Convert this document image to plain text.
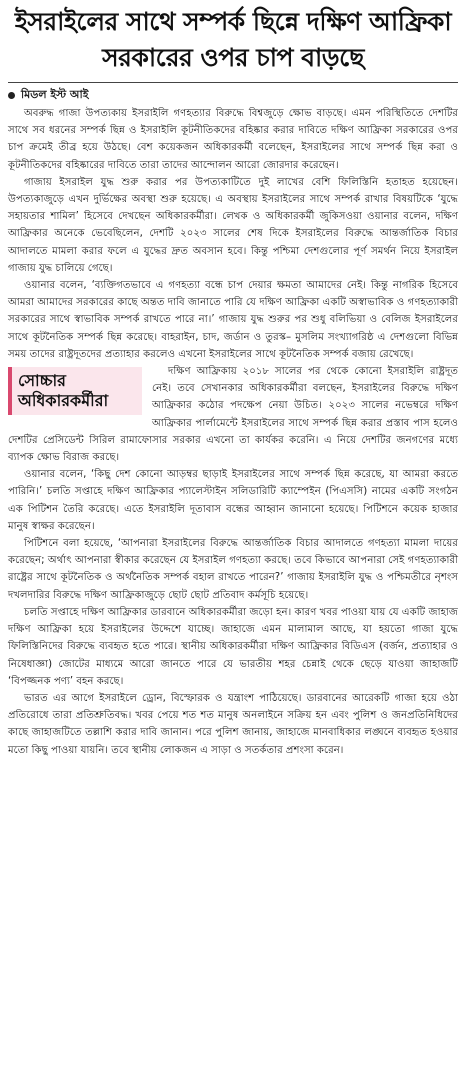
ইসরাইলের সাথে সম্পর্ক ছিন্নে দক্ষিণ আফ্রিকা সরকারের ওপর চাপ বাড়ছে
মিডল ইস্ট আই

অবরুদ্ধ গাজা উপত্যকায় ইসরাইলি গণহত্যার বিরুদ্ধে বিশ্বজুড়ে ক্ষোভ বাড়ছে। এমন পরিস্থিতিতে দেশটির সাথে সব ধরনের সম্পর্ক ছিন্ন ও ইসরাইলি কূটনীতিকদের বহিষ্কার করার দাবিতে দক্ষিণ আফ্রিকা সরকারের ওপর চাপ ক্রমেই তীব্র হয়ে উঠছে। বেশ কয়েকজন অধিকারকর্মী বলেছেন, ইসরাইলের সাথে সম্পর্ক ছিন্ন করা ও কূটনীতিকদের বহিষ্কারের দাবিতে তারা তাদের আন্দোলন আরো জোরদার করেছেন।

গাজায় ইসরাইল যুদ্ধ শুরু করার পর উপত্যকাটিতে দুই লাখের বেশি ফিলিস্তিনি হতাহত হয়েছেন। উপত্যকাজুড়ে এখন দুর্ভিক্ষের অবস্থা শুরু হয়েছে। এ অবস্থায় ইসরাইলের সাথে সম্পর্ক রাখার বিষয়টিকে ‘যুদ্ধে সহায়তার শামিল’ হিসেবে দেখছেন অধিকারকর্মীরা। লেখক ও অধিকারকর্মী জুকিসওয়া ওয়ানার বলেন, দক্ষিণ আফ্রিকার অনেকে ভেবেছিলেন, দেশটি ২০২৩ সালের শেষ দিকে ইসরাইলের বিরুদ্ধে আন্তর্জাতিক বিচার আদালতে মামলা করার ফলে এ যুদ্ধের দ্রুত অবসান হবে। কিন্তু পশ্চিমা দেশগুলোর পূর্ণ সমর্থন নিয়ে ইসরাইল গাজায় যুদ্ধ চালিয়ে গেছে।

ওয়ানার বলেন, ‘ব্যক্তিগতভাবে এ গণহত্যা বন্ধে চাপ দেয়ার ক্ষমতা আমাদের নেই। কিন্তু নাগরিক হিসেবে আমরা আমাদের সরকারের কাছে অন্তত দাবি জানাতে পারি যে দক্ষিণ আফ্রিকা একটি অস্বাভাবিক ও গণহত্যাকারী সরকারের সাথে স্বাভাবিক সম্পর্ক রাখতে পারে না।’ গাজায় যুদ্ধ শুরুর পর শুধু বলিভিয়া ও বেলিজ ইসরাইলের সাথে কূটনৈতিক সম্পর্ক ছিন্ন করেছে। বাহরাইন, চাদ, জর্ডান ও তুরস্ক– মুসলিম সংখ্যাগরিষ্ঠ এ দেশগুলো বিভিন্ন সময় তাদের রাষ্ট্রদূতদের প্রত্যাহার করলেও এখনো ইসরাইলের সাথে কূটনৈতিক সম্পর্ক বজায় রেখেছে।

সোচ্চার অধিকারকর্মীরা

দক্ষিণ আফ্রিকায় ২০১৮ সালের পর থেকে কোনো ইসরাইলি রাষ্ট্রদূত নেই। তবে সেখানকার অধিকারকর্মীরা বলছেন, ইসরাইলের বিরুদ্ধে দক্ষিণ আফ্রিকার কঠোর পদক্ষেপ নেয়া উচিত। ২০২৩ সালের নভেম্বরে দক্ষিণ আফ্রিকার পার্লামেন্টে ইসরাইলের সাথে সম্পর্ক ছিন্ন করার প্রস্তাব পাস হলেও দেশটির প্রেসিডেন্ট সিরিল রামাফোসার সরকার এখনো তা কার্যকর করেনি। এ নিয়ে দেশটির জনগণের মধ্যে ব্যাপক ক্ষোভ বিরাজ করছে।

ওয়ানার বলেন, ‘কিছু দেশ কোনো আড়ম্বর ছাড়াই ইসরাইলের সাথে সম্পর্ক ছিন্ন করেছে, যা আমরা করতে পারিনি।’ চলতি সপ্তাহে দক্ষিণ আফ্রিকার প্যালেস্টাইন সলিডারিটি ক্যাম্পেইন (পিএসসি) নামের একটি সংগঠন এক পিটিশন তৈরি করেছে। এতে ইসরাইলি দূতাবাস বন্ধের আহ্বান জানানো হয়েছে। পিটিশনে কয়েক হাজার মানুষ স্বাক্ষর করেছেন।

পিটিশনে বলা হয়েছে, ‘আপনারা ইসরাইলের বিরুদ্ধে আন্তর্জাতিক বিচার আদালতে গণহত্যা মামলা দায়ের করেছেন; অর্থাৎ আপনারা স্বীকার করেছেন যে ইসরাইল গণহত্যা করছে। তবে কিভাবে আপনারা সেই গণহত্যাকারী রাষ্ট্রের সাথে কূটনৈতিক ও অর্থনৈতিক সম্পর্ক বহাল রাখতে পারেন?’ গাজায় ইসরাইলি যুদ্ধ ও পশ্চিমতীরে নৃশংস দখলদারির বিরুদ্ধে দক্ষিণ আফ্রিকাজুড়ে ছোট ছোট প্রতিবাদ কর্মসূচি হয়েছে।

চলতি সপ্তাহে দক্ষিণ আফ্রিকার ডারবানে অধিকারকর্মীরা জড়ো হন। কারণ খবর পাওয়া যায় যে একটি জাহাজ দক্ষিণ আফ্রিকা হয়ে ইসরাইলের উদ্দেশে যাচ্ছে। জাহাজে এমন মালামাল আছে, যা হয়তো গাজা যুদ্ধে ফিলিস্তিনিদের বিরুদ্ধে ব্যবহৃত হতে পারে। স্থানীয় অধিকারকর্মীরা দক্ষিণ আফ্রিকার বিডিএস (বর্জন, প্রত্যাহার ও নিষেধাজ্ঞা) জোটের মাধ্যমে আরো জানতে পারে যে ভারতীয় শহর চেন্নাই থেকে ছেড়ে যাওয়া জাহাজটি ‘বিপজ্জনক পণ্য’ বহন করছে।

ভারত এর আগে ইসরাইলে ড্রোন, বিস্ফোরক ও যন্ত্রাংশ পাঠিয়েছে। ডারবানের আরেকটি গাজা হয়ে ওঠা প্রতিরোধে তারা প্রতিশ্রুতিবদ্ধ। খবর পেয়ে শত শত মানুষ অনলাইনে সক্রিয় হন এবং পুলিশ ও জনপ্রতিনিধিদের কাছে জাহাজটিতে তল্লাশি করার দাবি জানান। পরে পুলিশ জানায়, জাহাজে মানবাধিকার লঙ্ঘনে ব্যবহৃত হওয়ার মতো কিছু পাওয়া যায়নি। তবে স্থানীয় লোকজন এ সাড়া ও সতর্কতার প্রশংসা করেন।
